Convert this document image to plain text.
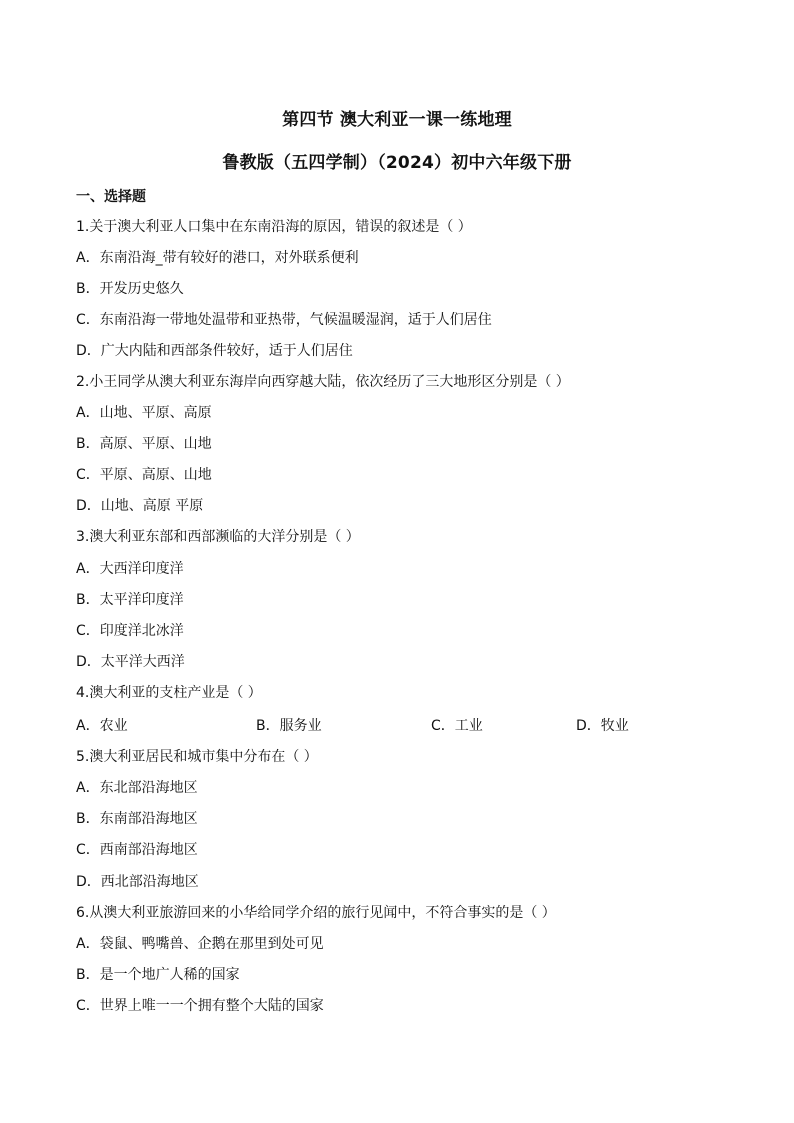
第四节 澳大利亚一课一练地理
鲁教版（五四学制）（2024）初中六年级下册
一、选择题
1.关于澳大利亚人口集中在东南沿海的原因，错误的叙述是（ ）
A．东南沿海_带有较好的港口，对外联系便利
B．开发历史悠久
C．东南沿海一带地处温带和亚热带，气候温暖湿润，适于人们居住
D．广大内陆和西部条件较好，适于人们居住
2.小王同学从澳大利亚东海岸向西穿越大陆，依次经历了三大地形区分别是（ ）
A．山地、平原、高原
B．高原、平原、山地
C．平原、高原、山地
D．山地、高原 平原
3.澳大利亚东部和西部濒临的大洋分别是（ ）
A．大西洋印度洋
B．太平洋印度洋
C．印度洋北冰洋
D．太平洋大西洋
4.澳大利亚的支柱产业是（ ）
A．农业	B．服务业	C．工业	D．牧业
5.澳大利亚居民和城市集中分布在（ ）
A．东北部沿海地区
B．东南部沿海地区
C．西南部沿海地区
D．西北部沿海地区
6.从澳大利亚旅游回来的小华给同学介绍的旅行见闻中，不符合事实的是（ ）
A．袋鼠、鸭嘴兽、企鹅在那里到处可见
B．是一个地广人稀的国家
C．世界上唯一一个拥有整个大陆的国家
